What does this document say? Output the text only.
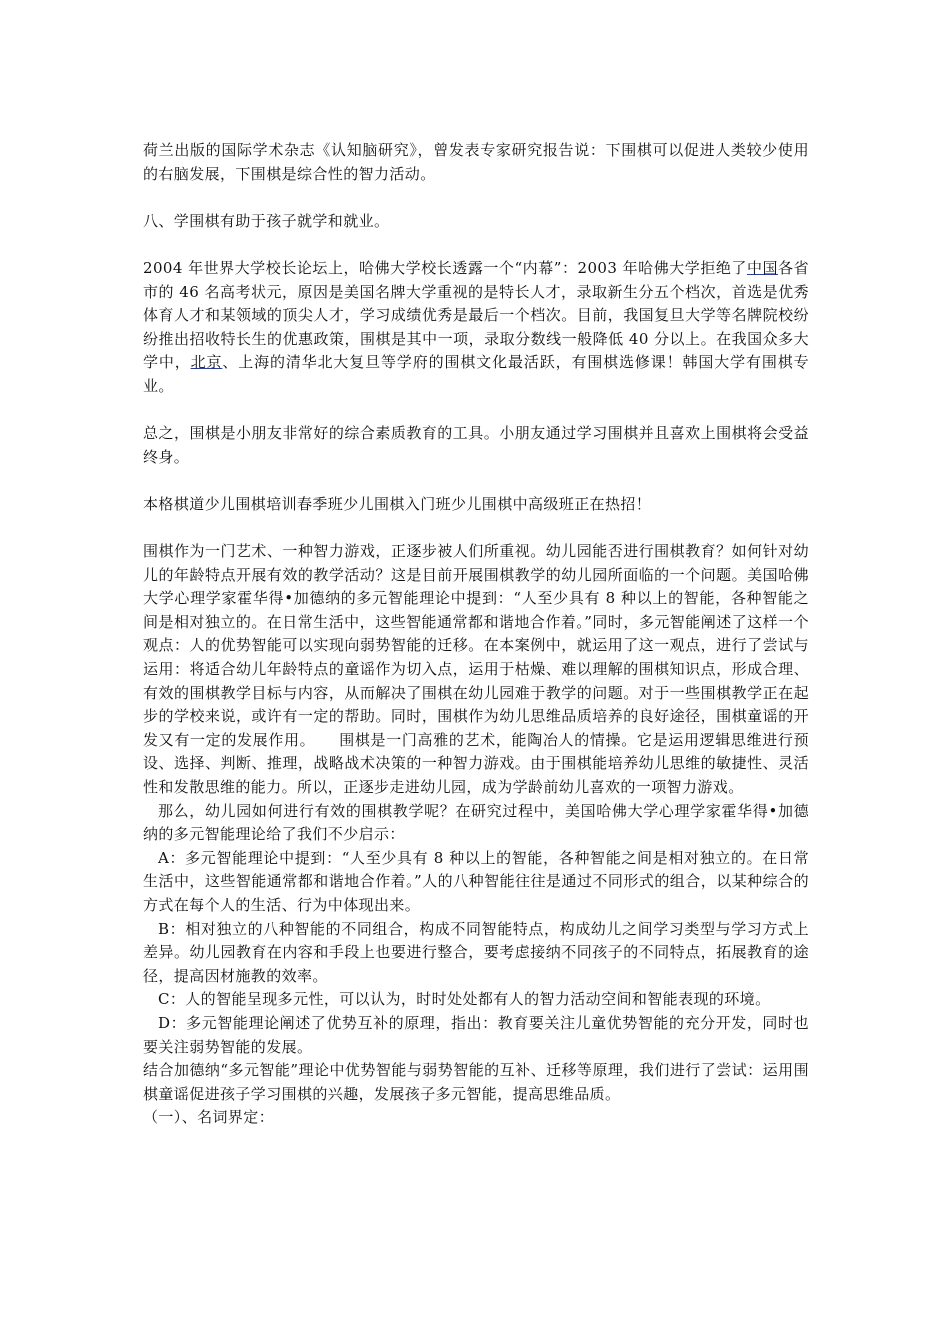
荷兰出版的国际学术杂志《认知脑研究》，曾发表专家研究报告说：下围棋可以促进人类较少使用的右脑发展，下围棋是综合性的智力活动。

八、学围棋有助于孩子就学和就业。

2004 年世界大学校长论坛上，哈佛大学校长透露一个“内幕”：2003 年哈佛大学拒绝了中国各省市的 46 名高考状元，原因是美国名牌大学重视的是特长人才，录取新生分五个档次，首选是优秀体育人才和某领域的顶尖人才，学习成绩优秀是最后一个档次。目前，我国复旦大学等名牌院校纷纷推出招收特长生的优惠政策，围棋是其中一项，录取分数线一般降低 40 分以上。在我国众多大学中，北京、上海的清华北大复旦等学府的围棋文化最活跃，有围棋选修课！韩国大学有围棋专业。

总之，围棋是小朋友非常好的综合素质教育的工具。小朋友通过学习围棋并且喜欢上围棋将会受益终身。

本格棋道少儿围棋培训春季班少儿围棋入门班少儿围棋中高级班正在热招！

围棋作为一门艺术、一种智力游戏，正逐步被人们所重视。幼儿园能否进行围棋教育？如何针对幼儿的年龄特点开展有效的教学活动？这是目前开展围棋教学的幼儿园所面临的一个问题。美国哈佛大学心理学家霍华得•加德纳的多元智能理论中提到：“人至少具有 8 种以上的智能，各种智能之间是相对独立的。在日常生活中，这些智能通常都和谐地合作着。”同时，多元智能阐述了这样一个观点：人的优势智能可以实现向弱势智能的迁移。在本案例中，就运用了这一观点，进行了尝试与运用：将适合幼儿年龄特点的童谣作为切入点，运用于枯燥、难以理解的围棋知识点，形成合理、有效的围棋教学目标与内容，从而解决了围棋在幼儿园难于教学的问题。对于一些围棋教学正在起步的学校来说，或许有一定的帮助。同时，围棋作为幼儿思维品质培养的良好途径，围棋童谣的开发又有一定的发展作用。　　围棋是一门高雅的艺术，能陶冶人的情操。它是运用逻辑思维进行预设、选择、判断、推理，战略战术决策的一种智力游戏。由于围棋能培养幼儿思维的敏捷性、灵活性和发散思维的能力。所以，正逐步走进幼儿园，成为学龄前幼儿喜欢的一项智力游戏。

那么，幼儿园如何进行有效的围棋教学呢？在研究过程中，美国哈佛大学心理学家霍华得•加德纳的多元智能理论给了我们不少启示：

A：多元智能理论中提到：“人至少具有 8 种以上的智能，各种智能之间是相对独立的。在日常生活中，这些智能通常都和谐地合作着。”人的八种智能往往是通过不同形式的组合，以某种综合的方式在每个人的生活、行为中体现出来。

B：相对独立的八种智能的不同组合，构成不同智能特点，构成幼儿之间学习类型与学习方式上差异。幼儿园教育在内容和手段上也要进行整合，要考虑接纳不同孩子的不同特点，拓展教育的途径，提高因材施教的效率。

C：人的智能呈现多元性，可以认为，时时处处都有人的智力活动空间和智能表现的环境。

D：多元智能理论阐述了优势互补的原理，指出：教育要关注儿童优势智能的充分开发，同时也要关注弱势智能的发展。

结合加德纳“多元智能”理论中优势智能与弱势智能的互补、迁移等原理，我们进行了尝试：运用围棋童谣促进孩子学习围棋的兴趣，发展孩子多元智能，提高思维品质。

（一）、名词界定：
